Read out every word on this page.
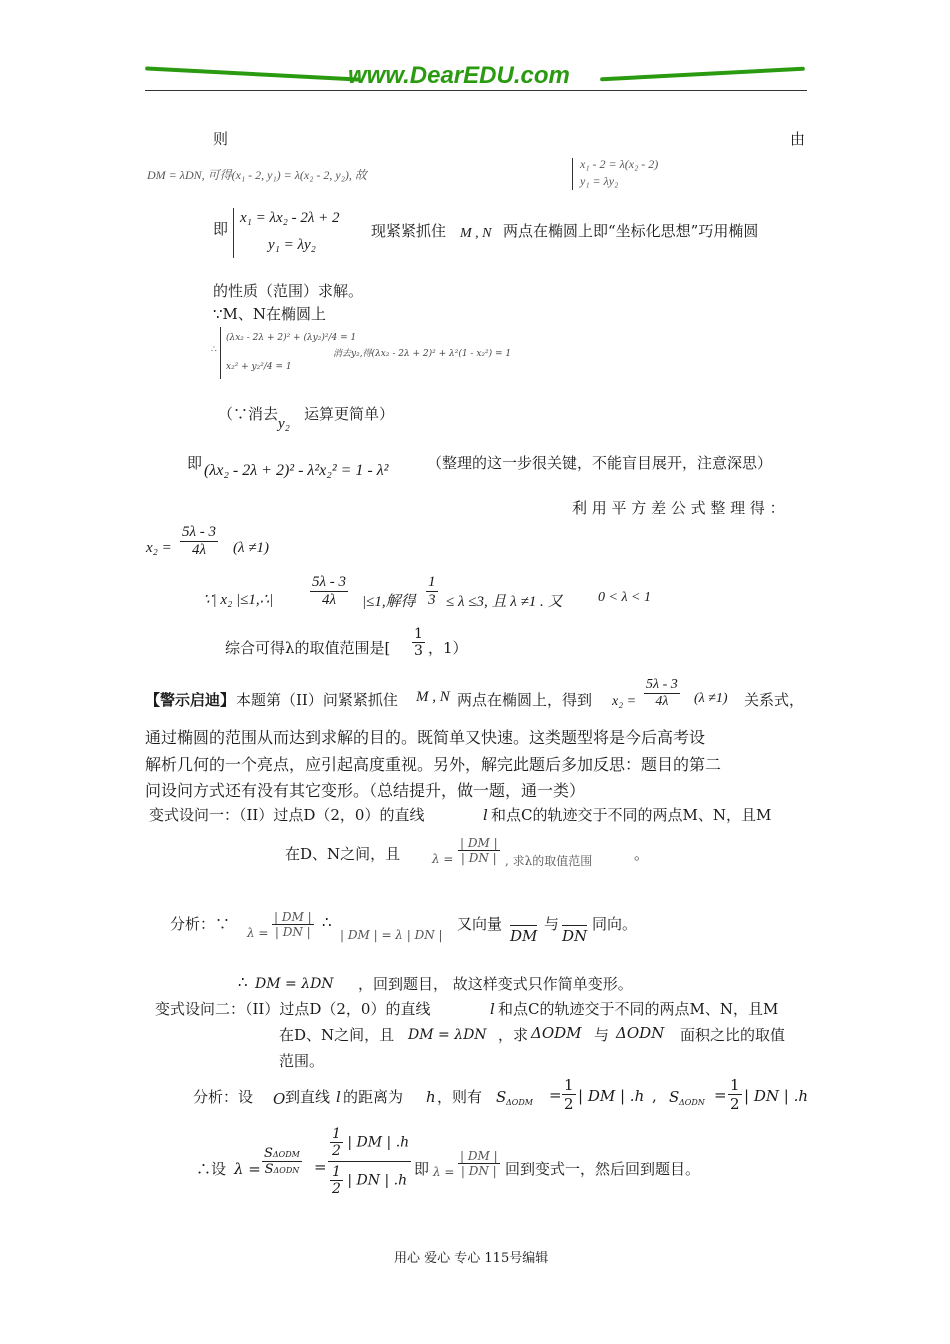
www.DearEDU.com
则	由
DM = λDN, 可得(x₁ - 2, y₁) = λ(x₂ - 2, y₂), 故
x₁ - 2 = λ(x₂ - 2)
y₁ = λy₂
即
x₁ = λx₂ - 2λ + 2
y₁ = λy₂
现紧紧抓住 M , N 两点在椭圆上即“坐标化思想”巧用椭圆
的性质（范围）求解。
∵M、N在椭圆上
∴
(λx₂ - 2λ + 2)² + (λy₂)²/4 = 1
x₂² + y₂²/4 = 1
消去y₂,得(λx₂ - 2λ + 2)² + λ²(1 - x₂²) = 1
（∵消去
y₂
运算更简单）
即 (λx₂ - 2λ + 2)² - λ²x₂² = 1 - λ²	（整理的这一步很关键，不能盲目展开，注意深思）
利 用 平 方 差 公 式 整 理 得 ：
$x_2 = \frac{5\lambda - 3}{4\lambda} (\lambda \ne 1)$
∵| x₂ |≤1,∴| $\frac{5\lambda - 3}{4\lambda} |\le 1$,解得 $\frac{1}{3} \le \lambda \le 3$, 且 λ ≠1 . 又	0 < λ < 1
综合可得λ的取值范围是[ $\frac{1}{3}$ ，1）
【警示启迪】 本题第（II）问紧紧抓住 M , N 两点在椭圆上，得到 $x_2 = \frac{5\lambda - 3}{4\lambda} (\lambda \ne 1)$ 关系式，
通过椭圆的范围从而达到求解的目的。既简单又快速。这类题型将是今后高考设
解析几何的一个亮点，应引起高度重视。另外，解完此题后多加反思：题目的第二
问设问方式还有没有其它变形。（总结提升，做一题，通一类）
变式设问一：（II）过点D（2，0）的直线	l 和点C的轨迹交于不同的两点M、N，且M
在D、N之间，且	$\lambda = \frac{| DM |}{| DN |}$ , 求λ的取值范围	。
分析：∵ $\lambda = \frac{| DM |}{| DN |}$ ∴
| DM | = λ | DN |
又向量
DM
与
DN
同向。
∴ DM = λDN ，回到题目， 故这样变式只作简单变形。
变式设问二：（II）过点D（2，0）的直线	l 和点C的轨迹交于不同的两点M、N，且M
在D、N之间，且 DM = λDN ，求 ΔODM 与 ΔODN 面积之比的取值
范围。
分析：设 O 到直线 l 的距离为 h ，则有 S $\Delta ODM = \frac{1}{2}$ | DM | .h , S $\Delta ODN = \frac{1}{2}$ | DN | .h
∴设 $\lambda = \frac{\text{SΔODM}}{\text{SΔODN}}$ =
$\frac{1}{2}$ | DM | .h
$\frac{1}{2}$ | DN | .h
即 $\lambda = \frac{| DM |}{| DN |}$ 回到变式一，然后回到题目。
用心 爱心 专心 115号编辑
